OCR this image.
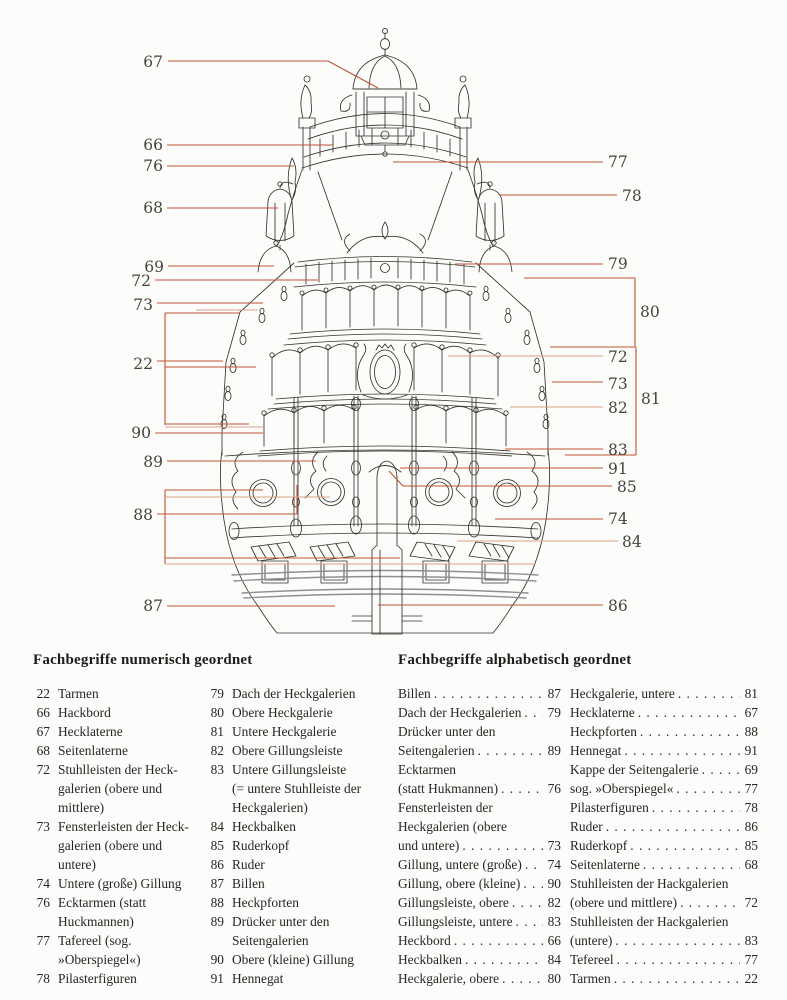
67
66
76
68
69
72
73
22
90
89
88
87
77
78
79
80
72
73
82 81
83
91
85
74
84
86
Fachbegriffe numerisch geordnet	Fachbegriffe alphabetisch geordnet
22 Tarmen
66 Hackbord
67 Hecklaterne
68 Seitenlaterne
72 Stuhlleisten der Heck-
galerien (obere und
mittlere)
73 Fensterleisten der Heck-
galerien (obere und
untere)
74 Untere (große) Gillung
76 Ecktarmen (statt
Huckmannen)
77 Tafereel (sog.
»Oberspiegel«)
78 Pilasterfiguren
79 Dach der Heckgalerien
80 Obere Heckgalerie
81 Untere Heckgalerie
82 Obere Gillungsleiste
83 Untere Gillungsleiste
(= untere Stuhlleiste der
Heckgalerien)
84 Heckbalken
85 Ruderkopf
86 Ruder
87 Billen
88 Heckpforten
89 Drücker unter den
Seitengalerien
90 Obere (kleine) Gillung
91 Hennegat
Billen . . .	87
Dach der Heckgalerien . . . 79
Drücker unter den
Seitengalerien . . .	89
Ecktarmen
(statt Hukmannen) . . .	76
Fensterleisten der
Heckgalerien (obere
und untere) . . .	73
Gillung, untere (große) . . . 74
Gillung, obere (kleine) . . . 90
Gillungsleiste, obere . . .	82
Gillungsleiste, untere . . .	83
Heckbord . . .	66
Heckbalken . . .	84
Heckgalerie, obere . . .	80
Heckgalerie, untere . . .	81
Hecklaterne . . .	67
Heckpforten . . .	88
Hennegat . . .	91
Kappe der Seitengalerie . . .	69
sog. »Oberspiegel« . . .	77
Pilasterfiguren . . .	78
Ruder . . .	86
Ruderkopf . . .	85
Seitenlaterne . . .	68
Stuhlleisten der Hackgalerien
(obere und mittlere) . . .	72
Stuhlleisten der Hackgalerien
(untere) . . .	83
Tefereel . . .	77
Tarmen . . .	22
